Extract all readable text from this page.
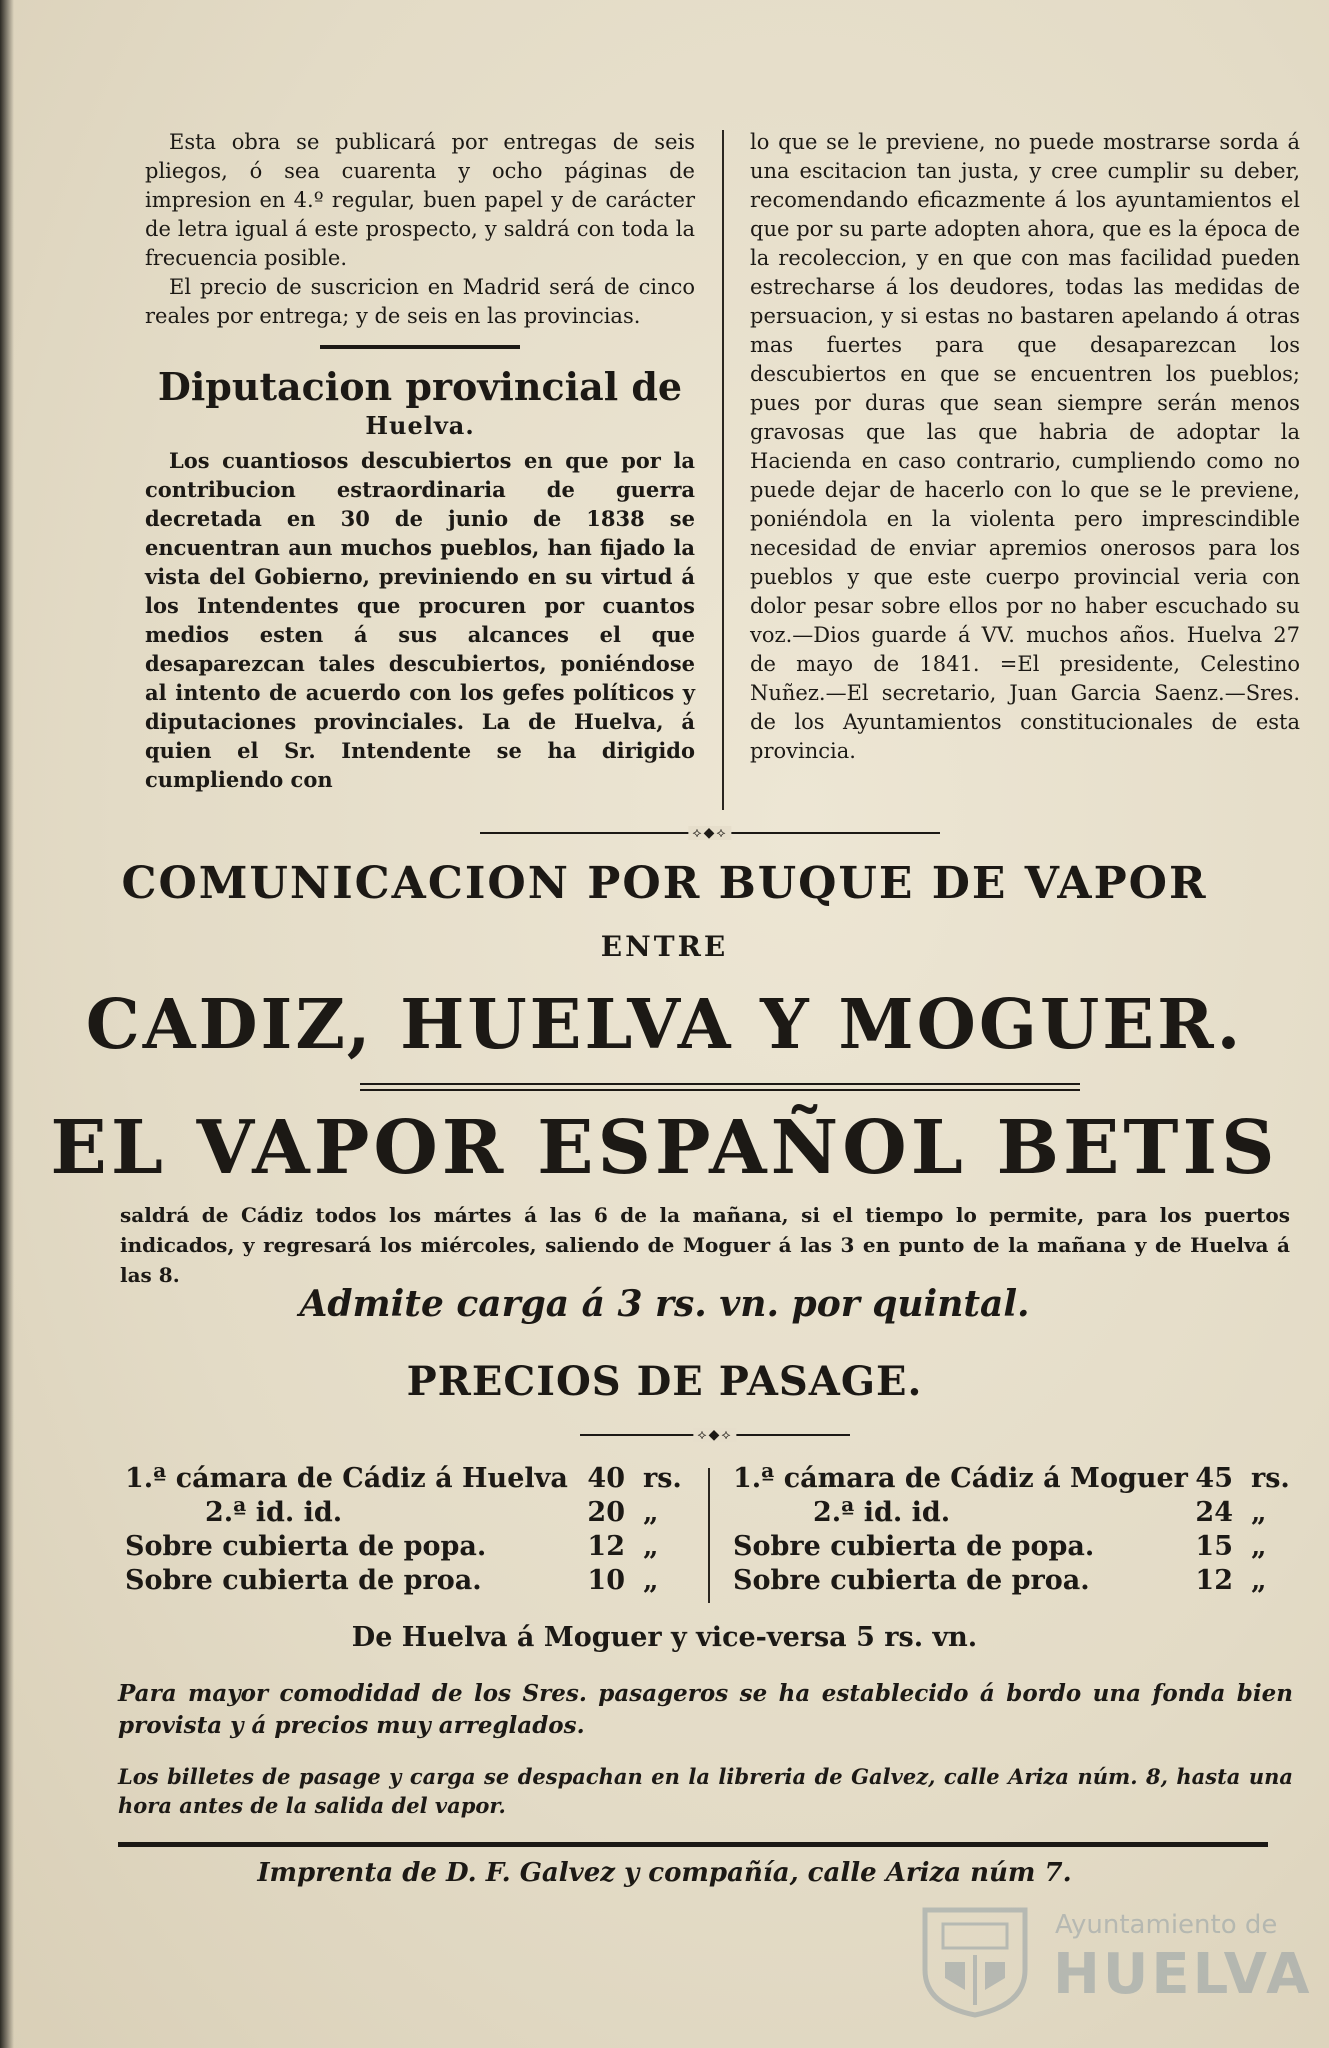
Esta obra se publicará por entregas de seis pliegos, ó sea cuarenta y ocho páginas de impresion en 4.º regular, buen papel y de carácter de letra igual á este prospecto, y saldrá con toda la frecuencia posible.

El precio de suscricion en Madrid será de cinco reales por entrega; y de seis en las provincias.

Diputacion provincial de
Huelva.

Los cuantiosos descubiertos en que por la contribucion estraordinaria de guerra decretada en 30 de junio de 1838 se encuentran aun muchos pueblos, han fijado la vista del Gobierno, previniendo en su virtud á los Intendentes que procuren por cuantos medios esten á sus alcances el que desaparezcan tales descubiertos, poniéndose al intento de acuerdo con los gefes políticos y diputaciones provinciales. La de Huelva, á quien el Sr. Intendente se ha dirigido cumpliendo con

lo que se le previene, no puede mostrarse sorda á una escitacion tan justa, y cree cumplir su deber, recomendando eficazmente á los ayuntamientos el que por su parte adopten ahora, que es la época de la recoleccion, y en que con mas facilidad pueden estrecharse á los deudores, todas las medidas de persuacion, y si estas no bastaren apelando á otras mas fuertes para que desaparezcan los descubiertos en que se encuentren los pueblos; pues por duras que sean siempre serán menos gravosas que las que habria de adoptar la Hacienda en caso contrario, cumpliendo como no puede dejar de hacerlo con lo que se le previene, poniéndola en la violenta pero imprescindible necesidad de enviar apremios onerosos para los pueblos y que este cuerpo provincial veria con dolor pesar sobre ellos por no haber escuchado su voz.—Dios guarde á VV. muchos años. Huelva 27 de mayo de 1841. =El presidente, Celestino Nuñez.—El secretario, Juan Garcia Saenz.—Sres. de los Ayuntamientos constitucionales de esta provincia.

⟡◆⟡
COMUNICACION POR BUQUE DE VAPOR
ENTRE
CADIZ, HUELVA Y MOGUER.
EL VAPOR ESPAÑOL BETIS
saldrá de Cádiz todos los mártes á las 6 de la mañana, si el tiempo lo permite, para los puertos indicados, y regresará los miércoles, saliendo de Moguer á las 3 en punto de la mañana y de Huelva á las 8.
Admite carga á 3 rs. vn. por quintal.
PRECIOS DE PASAGE.
⟡◆⟡
1.ª cámara de Cádiz á Huelva 40 rs.
2.ª id. id.	20 „
Sobre cubierta de popa.	12 „
Sobre cubierta de proa.	10 „
1.ª cámara de Cádiz á Moguer 45 rs.
2.ª id. id.	24 „
Sobre cubierta de popa.	15 „
Sobre cubierta de proa.	12 „
De Huelva á Moguer y vice-versa 5 rs. vn.
Para mayor comodidad de los Sres. pasageros se ha establecido á bordo una fonda bien provista y á precios muy arreglados.
Los billetes de pasage y carga se despachan en la libreria de Galvez, calle Ariza núm. 8, hasta una hora antes de la salida del vapor.
Imprenta de D. F. Galvez y compañía, calle Ariza núm 7.
Ayuntamiento de
HUELVA
